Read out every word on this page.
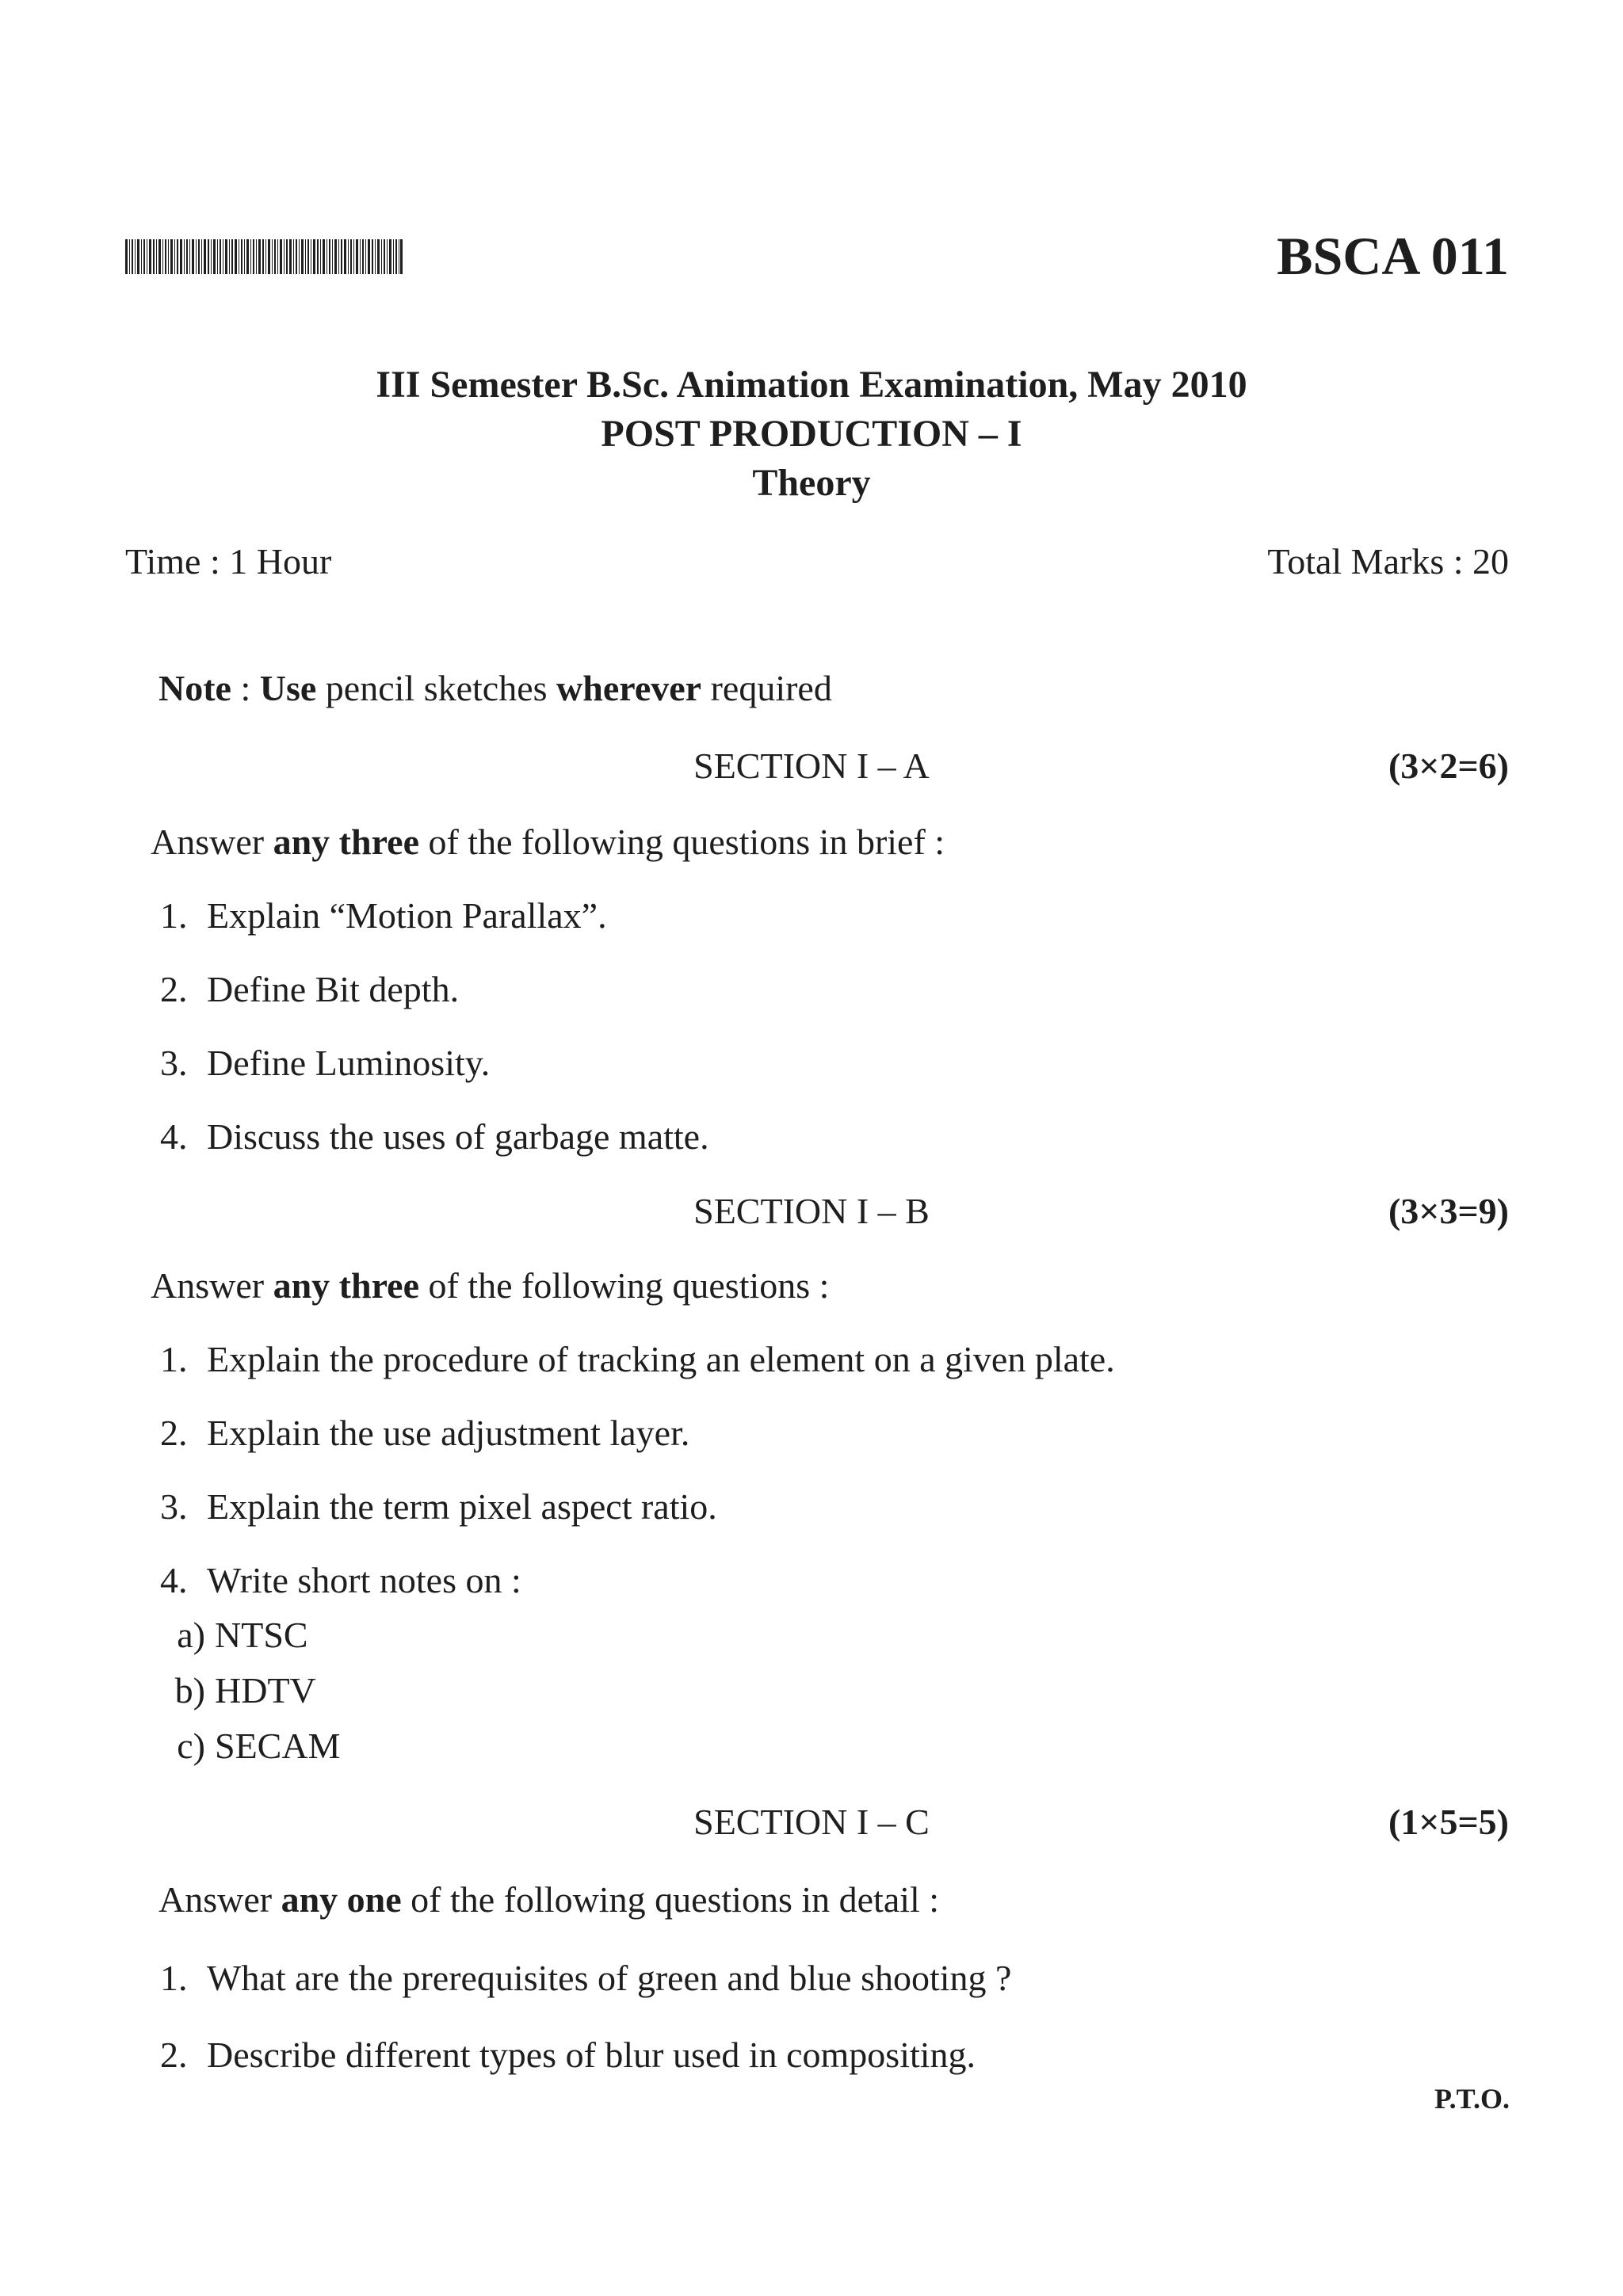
BSCA 011
III Semester B.Sc. Animation Examination, May 2010
POST PRODUCTION – I
Theory
Time : 1 Hour	Total Marks : 20
Note : Use pencil sketches wherever required
SECTION I – A	(3×2=6)
Answer any three of the following questions in brief :
1. Explain “Motion Parallax”.
2. Define Bit depth.
3. Define Luminosity.
4. Discuss the uses of garbage matte.
SECTION I – B	(3×3=9)
Answer any three of the following questions :
1. Explain the procedure of tracking an element on a given plate.
2. Explain the use adjustment layer.
3. Explain the term pixel aspect ratio.
4. Write short notes on :
a) NTSC
b) HDTV
c) SECAM
SECTION I – C	(1×5=5)
Answer any one of the following questions in detail :
1. What are the prerequisites of green and blue shooting ?
2. Describe different types of blur used in compositing.
P.T.O.
